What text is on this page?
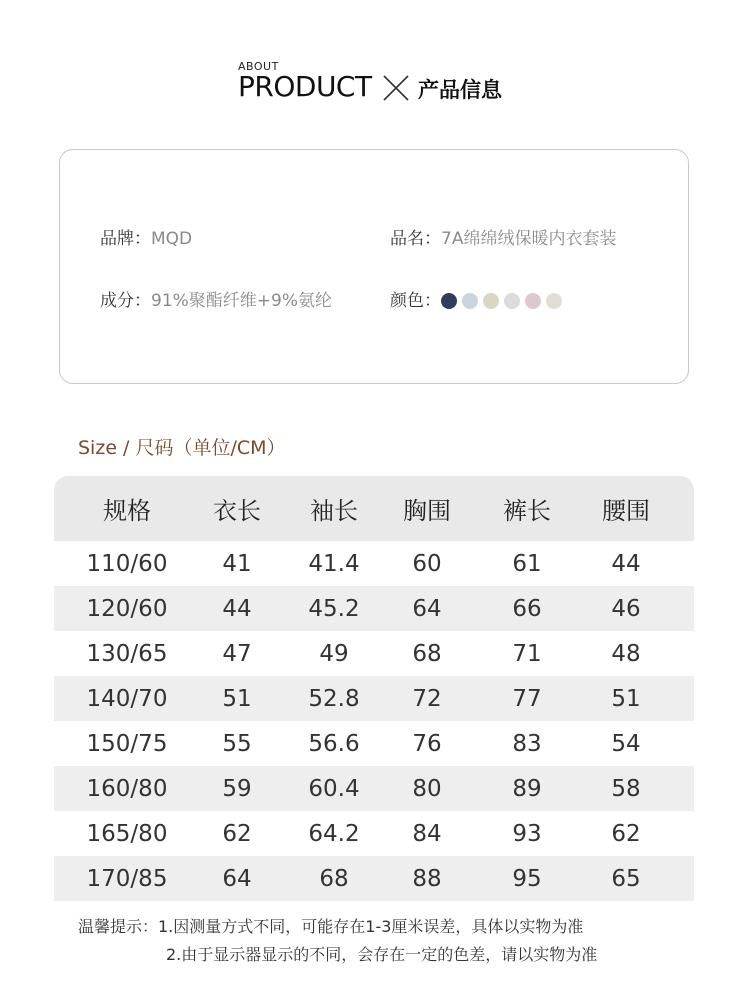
ABOUT
PRODUCT 产品信息
品牌：MQD	品名：7A绵绵绒保暖内衣套装
成分：91%聚酯纤维+9%氨纶	颜色：
Size / 尺码（单位/CM）
规格	衣长	袖长	胸围	裤长	腰围
110/60	41	41.4	60	61	44
120/60	44	45.2	64	66	46
130/65	47	49	68	71	48
140/70	51	52.8	72	77	51
150/75	55	56.6	76	83	54
160/80	59	60.4	80	89	58
165/80	62	64.2	84	93	62
170/85	64	68	88	95	65
温馨提示：1.因测量方式不同，可能存在1-3厘米误差，具体以实物为准
2.由于显示器显示的不同，会存在一定的色差，请以实物为准
